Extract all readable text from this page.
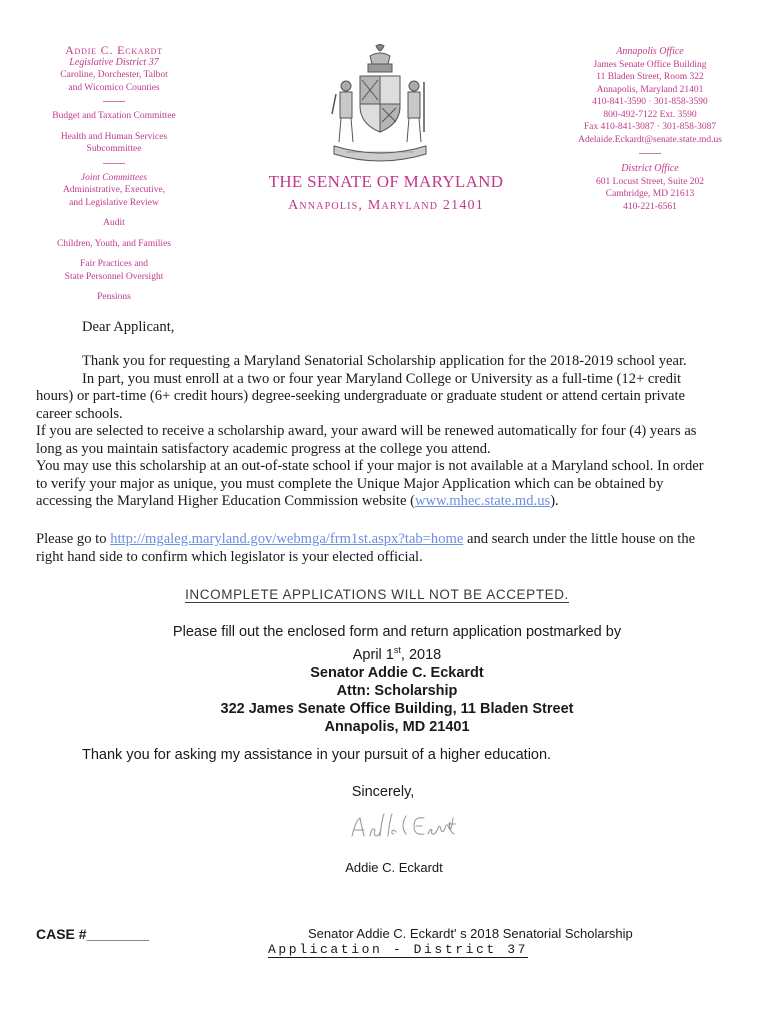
Addie C. Eckardt
Legislative District 37
Caroline, Dorchester, Talbot
and Wicomico Counties
Budget and Taxation Committee
Health and Human Services
Subcommittee
Joint Committees
Administrative, Executive,
and Legislative Review
Audit
Children, Youth, and Families
Fair Practices and
State Personnel Oversight
Pensions
Annapolis Office
James Senate Office Building
11 Bladen Street, Room 322
Annapolis, Maryland 21401
410-841-3590 · 301-858-3590
800-492-7122 Ext. 3590
Fax 410-841-3087 · 301-858-3087
Adelaide.Eckardt@senate.state.md.us
District Office
601 Locust Street, Suite 202
Cambridge, MD 21613
410-221-6561
THE SENATE OF MARYLAND
Annapolis, Maryland 21401
Dear Applicant,
Thank you for requesting a Maryland Senatorial Scholarship application for the 2018-2019 school year.
In part, you must enroll at a two or four year Maryland College or University as a full-time (12+ credit
hours) or part-time (6+ credit hours) degree-seeking undergraduate or graduate student or attend certain private
career schools.
If you are selected to receive a scholarship award, your award will be renewed automatically for four (4) years as
long as you maintain satisfactory academic progress at the college you attend.
You may use this scholarship at an out-of-state school if your major is not available at a Maryland school. In order
to verify your major as unique, you must complete the Unique Major Application which can be obtained by
accessing the Maryland Higher Education Commission website (www.mhec.state.md.us).
Please go to http://mgaleg.maryland.gov/webmga/frm1st.aspx?tab=home and search under the little house on the
right hand side to confirm which legislator is your elected official.
INCOMPLETE APPLICATIONS WILL NOT BE ACCEPTED.
Please fill out the enclosed form and return application postmarked by
April 1st, 2018
Senator Addie C. Eckardt
Attn: Scholarship
322 James Senate Office Building, 11 Bladen Street
Annapolis, MD 21401
Thank you for asking my assistance in your pursuit of a higher education.
Sincerely,
Addie C. Eckardt
CASE #________	Senator Addie C. Eckardt' s 2018 Senatorial Scholarship
Application - District 37
